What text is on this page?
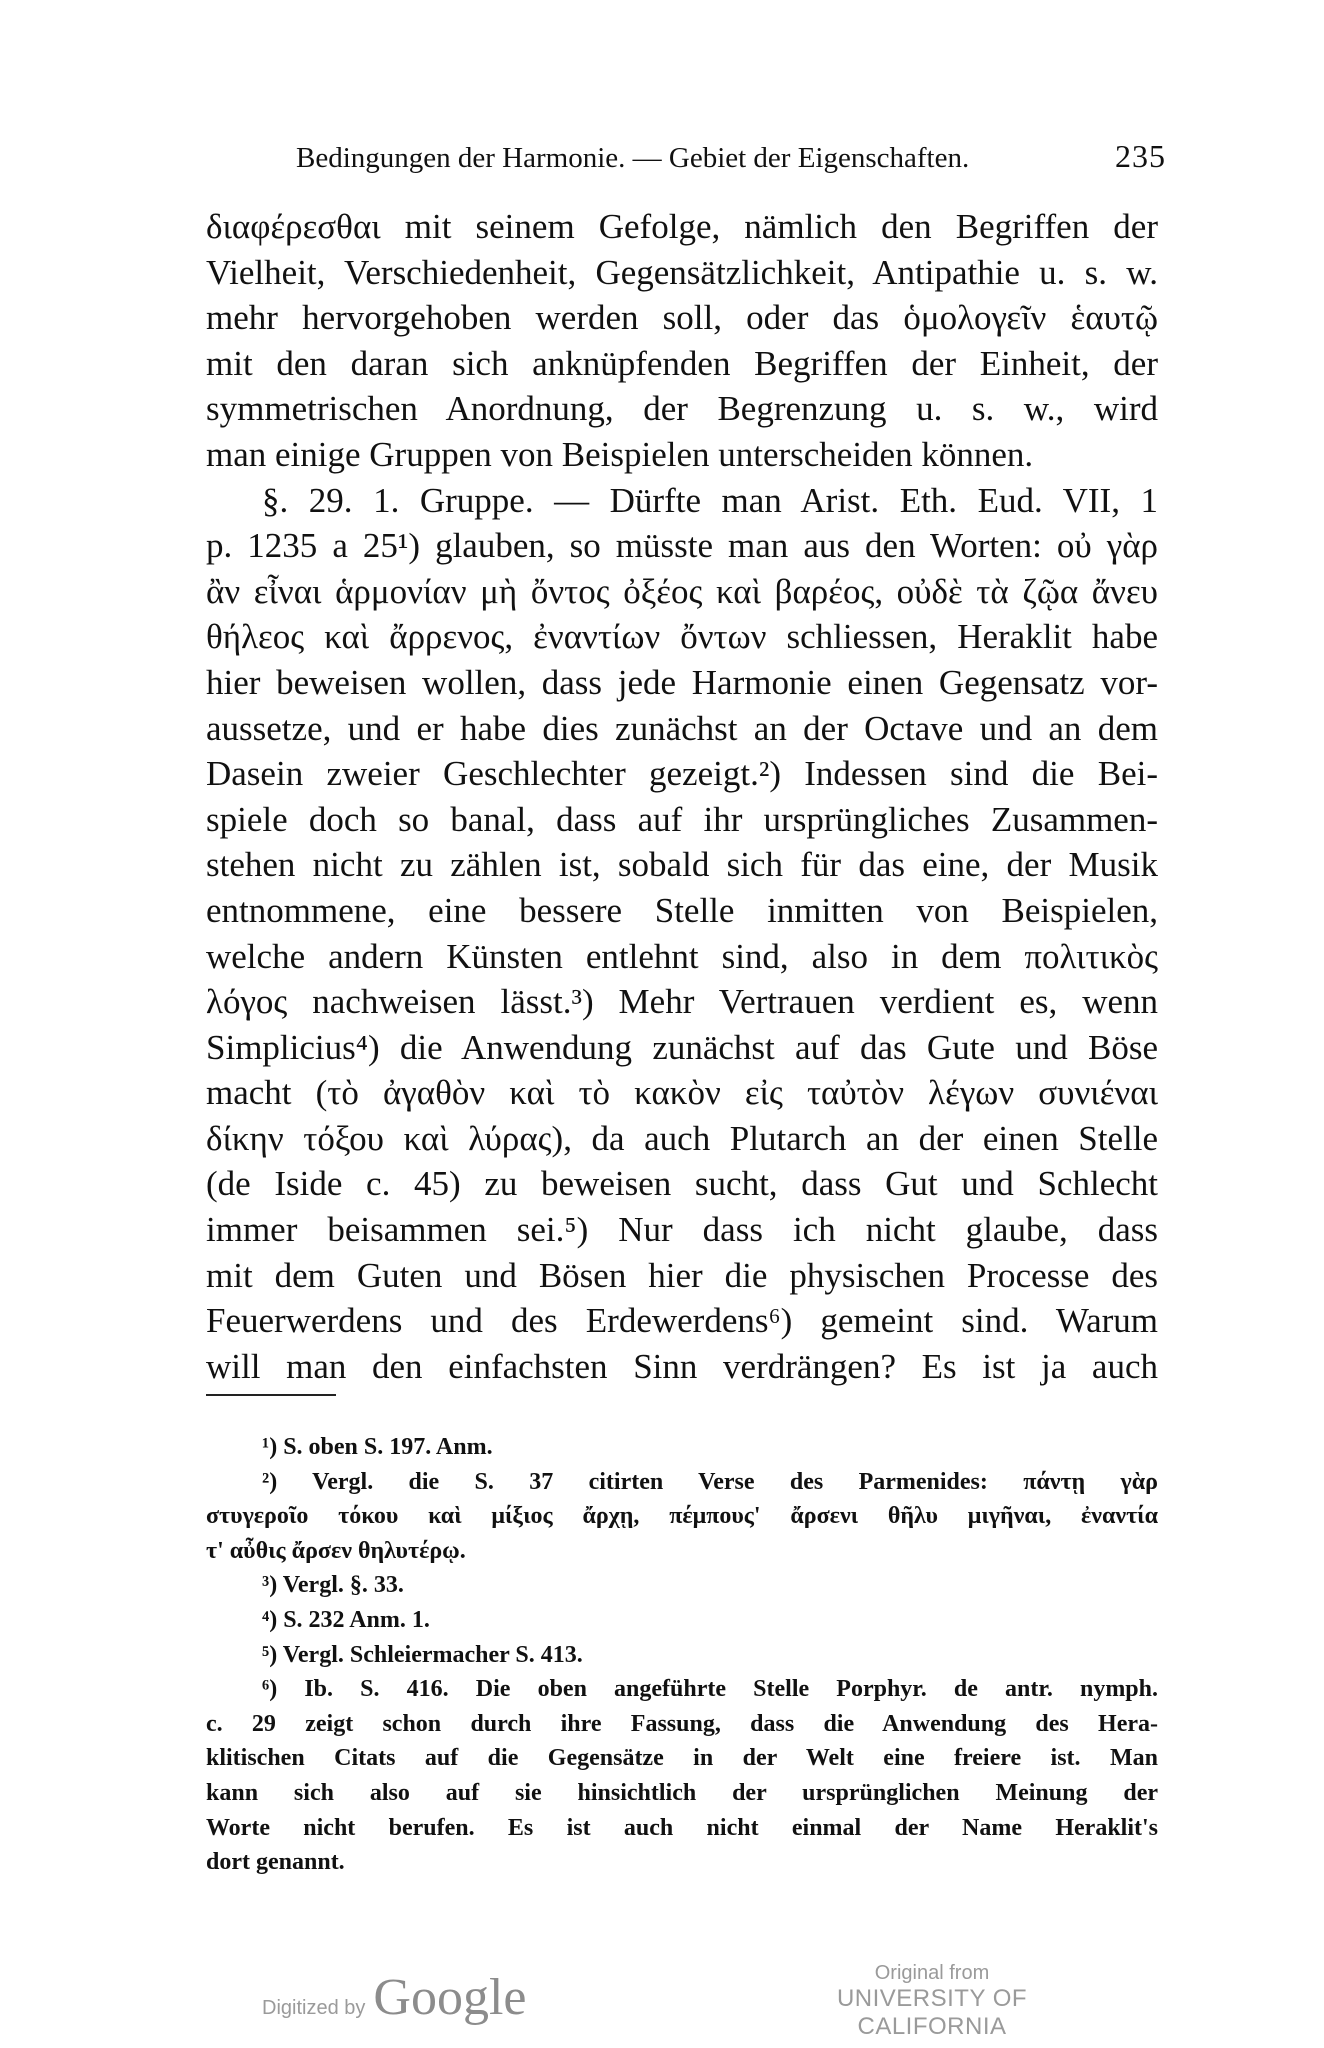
Bedingungen der Harmonie. — Gebiet der Eigenschaften.	235
διαφέρεσθαι mit seinem Gefolge, nämlich den Begriffen der
Vielheit, Verschiedenheit, Gegensätzlichkeit, Antipathie u. s. w.
mehr hervorgehoben werden soll, oder das ὁμολογεῖν ἑαυτῷ
mit den daran sich anknüpfenden Begriffen der Einheit, der
symmetrischen Anordnung, der Begrenzung u. s. w., wird
man einige Gruppen von Beispielen unterscheiden können.
§. 29. 1. Gruppe. — Dürfte man Arist. Eth. Eud. VII, 1
p. 1235 a 25¹) glauben, so müsste man aus den Worten: οὐ γὰρ
ἂν εἶναι ἁρμονίαν μὴ ὄντος ὀξέος καὶ βαρέος, οὐδὲ τὰ ζῷα ἄνευ
θήλεος καὶ ἄρρενος, ἐναντίων ὄντων schliessen, Heraklit habe
hier beweisen wollen, dass jede Harmonie einen Gegensatz vor-
aussetze, und er habe dies zunächst an der Octave und an dem
Dasein zweier Geschlechter gezeigt.²) Indessen sind die Bei-
spiele doch so banal, dass auf ihr ursprüngliches Zusammen-
stehen nicht zu zählen ist, sobald sich für das eine, der Musik
entnommene, eine bessere Stelle inmitten von Beispielen,
welche andern Künsten entlehnt sind, also in dem πολιτικὸς
λόγος nachweisen lässt.³) Mehr Vertrauen verdient es, wenn
Simplicius⁴) die Anwendung zunächst auf das Gute und Böse
macht (τὸ ἀγαθὸν καὶ τὸ κακὸν εἰς ταὐτὸν λέγων συνιέναι
δίκην τόξου καὶ λύρας), da auch Plutarch an der einen Stelle
(de Iside c. 45) zu beweisen sucht, dass Gut und Schlecht
immer beisammen sei.⁵) Nur dass ich nicht glaube, dass
mit dem Guten und Bösen hier die physischen Processe des
Feuerwerdens und des Erdewerdens⁶) gemeint sind. Warum
will man den einfachsten Sinn verdrängen? Es ist ja auch
¹) S. oben S. 197. Anm.
²) Vergl. die S. 37 citirten Verse des Parmenides: πάντῃ γὰρ
στυγεροῖο τόκου καὶ μίξιος ἄρχῃ, πέμπους' ἄρσενι θῆλυ μιγῆναι, ἐναντία
τ' αὖθις ἄρσεν θηλυτέρῳ.
³) Vergl. §. 33.
⁴) S. 232 Anm. 1.
⁵) Vergl. Schleiermacher S. 413.
⁶) Ib. S. 416. Die oben angeführte Stelle Porphyr. de antr. nymph.
c. 29 zeigt schon durch ihre Fassung, dass die Anwendung des Hera-
klitischen Citats auf die Gegensätze in der Welt eine freiere ist. Man
kann sich also auf sie hinsichtlich der ursprünglichen Meinung der
Worte nicht berufen. Es ist auch nicht einmal der Name Heraklit's
dort genannt.
Digitized by Google	Original from
UNIVERSITY OF CALIFORNIA
